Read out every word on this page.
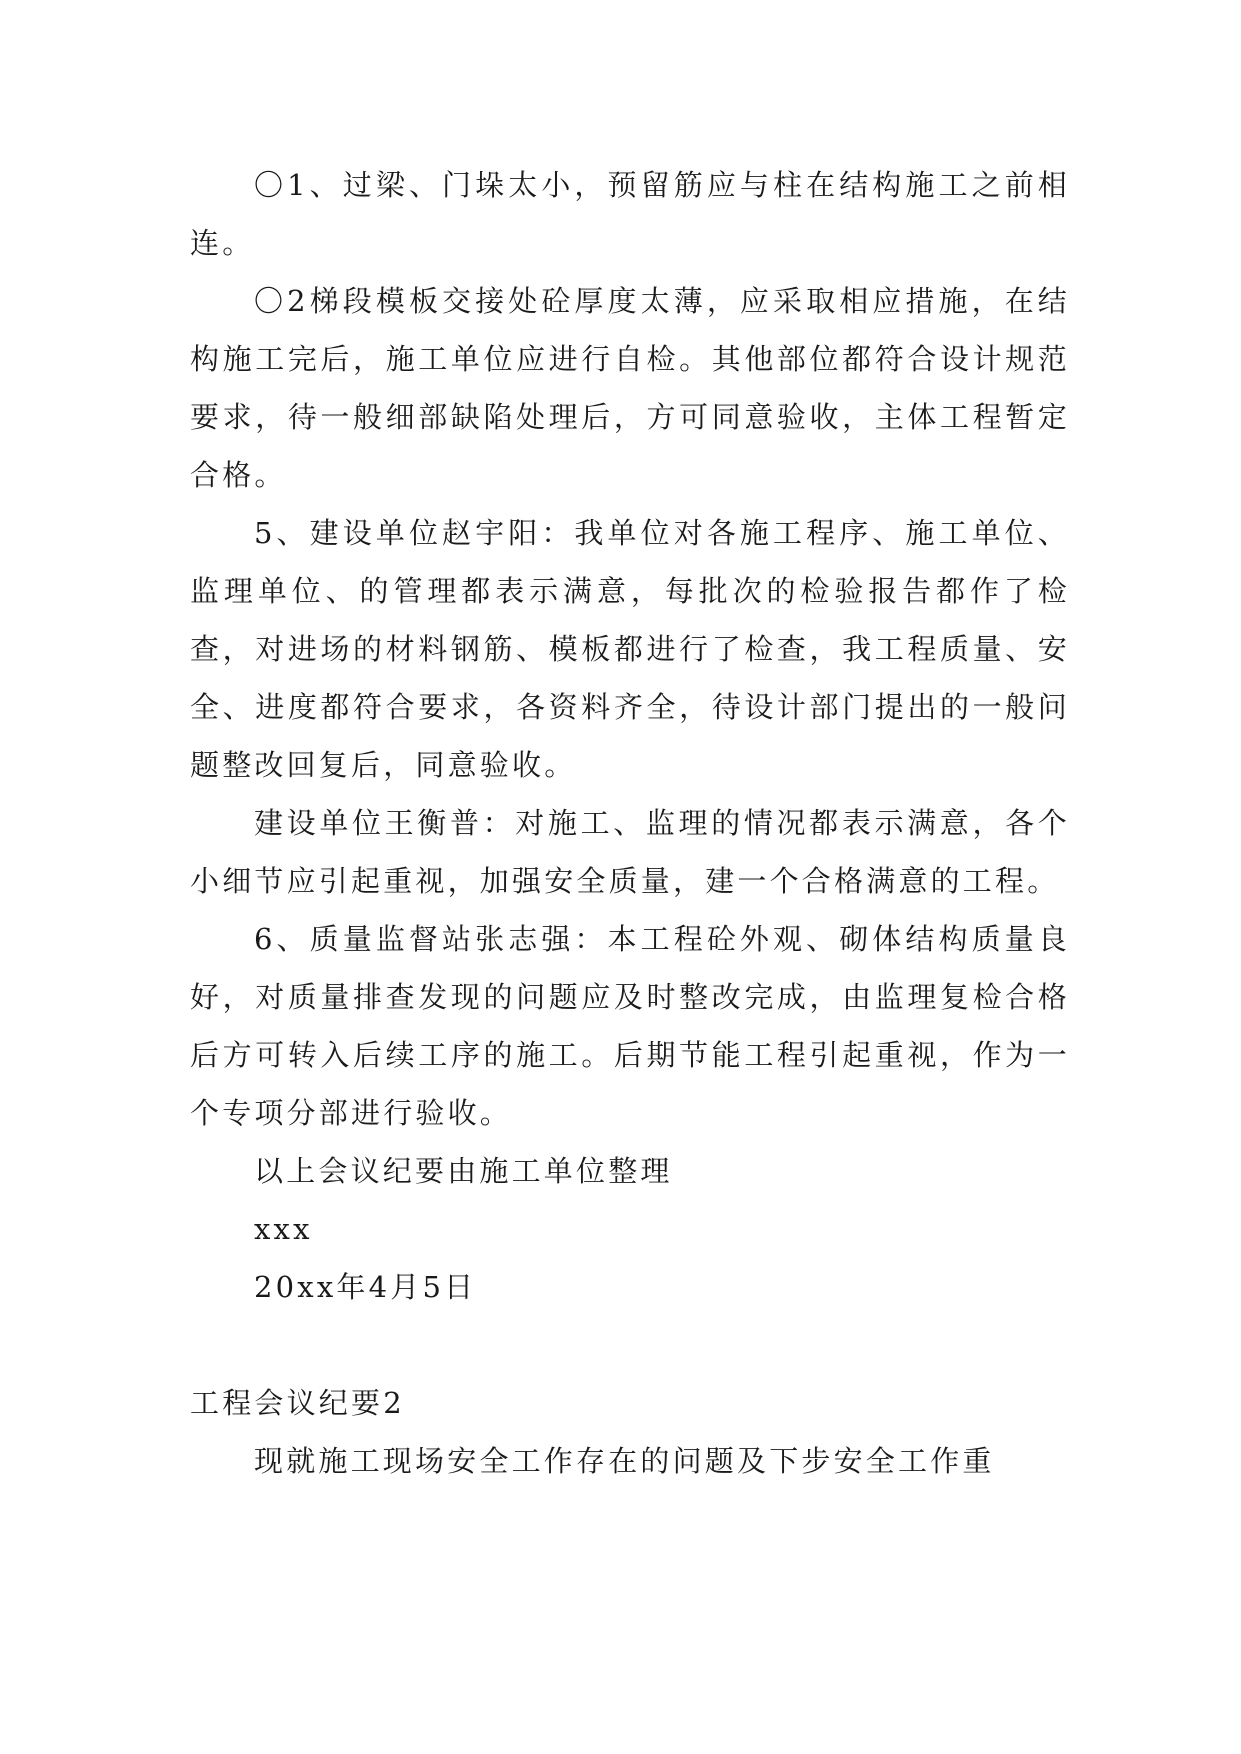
〇1、过梁、门垛太小，预留筋应与柱在结构施工之前相连。

〇2梯段模板交接处砼厚度太薄，应采取相应措施，在结构施工完后，施工单位应进行自检。其他部位都符合设计规范要求，待一般细部缺陷处理后，方可同意验收，主体工程暂定合格。

5、建设单位赵宇阳：我单位对各施工程序、施工单位、监理单位、的管理都表示满意，每批次的检验报告都作了检查，对进场的材料钢筋、模板都进行了检查，我工程质量、安全、进度都符合要求，各资料齐全，待设计部门提出的一般问题整改回复后，同意验收。

建设单位王衡普：对施工、监理的情况都表示满意，各个小细节应引起重视，加强安全质量，建一个合格满意的工程。

6、质量监督站张志强：本工程砼外观、砌体结构质量良好，对质量排查发现的问题应及时整改完成，由监理复检合格后方可转入后续工序的施工。后期节能工程引起重视，作为一个专项分部进行验收。

以上会议纪要由施工单位整理

xxx

20xx年4月5日

工程会议纪要2

现就施工现场安全工作存在的问题及下步安全工作重
